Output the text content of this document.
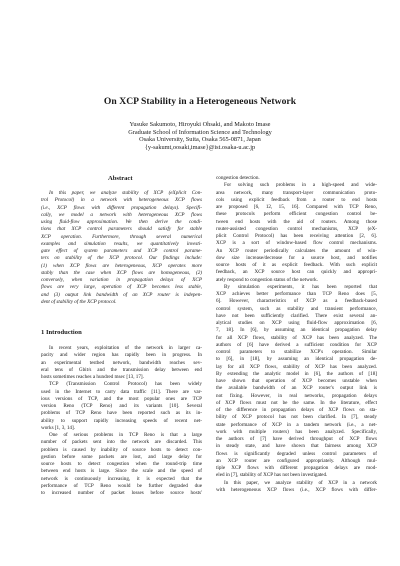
On XCP Stability in a Heterogeneous Network
Yusuke Sakumoto, Hiroyuki Ohsaki, and Makoto Imase
Graduate School of Information Science and Technology
Osaka University, Suita, Osaka 565-0871, Japan
{y-sakumt,oosaki,imase}@ist.osaka-u.ac.jp
Abstract
In this paper, we analyze stability of XCP (eXplicit Con-
trol Protocol) in a network with heterogeneous XCP flows
(i.e., XCP flows with different propagation delays). Specifi-
cally, we model a network with heterogeneous XCP flows
using fluid-flow approximation. We then derive the condi-
tions that XCP control parameters should satisfy for stable
XCP operation. Furthermore, through several numerical
examples and simulation results, we quantitatively investi-
gate effect of system parameters and XCP control parame-
ters on stability of the XCP protocol. Our findings include:
(1) when XCP flows are heterogeneous, XCP operates more
stably than the case when XCP flows are homogeneous, (2)
conversely, when variation in propagation delays of XCP
flows are very large, operation of XCP becomes less stable,
and (3) output link bandwidth of an XCP router is indepen-
dent of stability of the XCP protocol.
1 Introduction
In recent years, exploitation of the network in larger ca-
pacity and wider region has rapidly been in progress. In
an experimental testbed network, bandwidth reaches sev-
eral tens of Gbit/s and the transmission delay between end
hosts sometimes reaches a hundred msec [13, 17].
TCP (Transmission Control Protocol) has been widely
used in the Internet to carry data traffic [11]. There are var-
ious versions of TCP, and the most popular ones are TCP
version Reno (TCP Reno) and its variants [10]. Several
problems of TCP Reno have been reported such as its in-
ability to support rapidly increasing speeds of recent net-
works [1, 3, 14].
One of serious problems in TCP Reno is that a large
number of packets sent into the network are discarded. This
problem is caused by inability of source hosts to detect con-
gestion before some packets are lost, and large delay for
source hosts to detect congestion when the round-trip time
between end hosts is large. Since the scale and the speed of
network is continuously increasing, it is expected that the
performance of TCP Reno would be further degraded due
to increased number of packet losses before source hosts'
congestion detection.
For solving such problems in a high-speed and wide-
area network, many transport-layer communication proto-
cols using explicit feedback from a router to end hosts
are proposed [6, 12, 15, 16]. Compared with TCP Reno,
these protocols perform efficient congestion control be-
tween end hosts with the aid of routers. Among those
router-assisted congestion control mechanisms, XCP (eX-
plicit Control Protocol) has been receiving attention [2, 6].
XCP is a sort of window-based flow control mechanisms.
An XCP router periodically calculates the amount of win-
dow size increase/decrease for a source host, and notifies
source hosts of it as explicit feedback. With such explicit
feedback, an XCP source host can quickly and appropri-
ately respond to congestion status of the network.
By simulation experiments, it has been reported that
XCP achieves better performance than TCP Reno does [5,
6]. However, characteristics of XCP as a feedback-based
control system, such as stability and transient performance,
have not been sufficiently clarified. There exist several an-
alytical studies on XCP using fluid-flow approximation [6,
7, 18]. In [6], by assuming an identical propagation delay
for all XCP flows, stability of XCP has been analyzed. The
authors of [6] have derived a sufficient condition for XCP
control parameters to stabilize XCP's operation. Similar
to [6], in [18], by assuming an identical propagation de-
lay for all XCP flows, stability of XCP has been analyzed.
By extending the analytic model in [6], the authors of [18]
have shown that operation of XCP becomes unstable when
the available bandwidth of an XCP router's output link is
not fixing. However, in real networks, propagation delays
of XCP flows must not be the same. In the literature, effect
of the difference in propagation delays of XCP flows on sta-
bility of XCP protocol has not been clarified. In [7], steady
state performance of XCP in a tandem network (i.e., a net-
work with multiple routers) has been analyzed. Specifically,
the authors of [7] have derived throughput of XCP flows
in steady state, and have shown that fairness among XCP
flows is significantly degraded unless control parameters of
an XCP router are configured appropriately. Although mul-
tiple XCP flows with different propagation delays are mod-
eled in [7], stability of XCP has not been investigated.
In this paper, we analyze stability of XCP in a network
with heterogeneous XCP flows (i.e., XCP flows with differ-
